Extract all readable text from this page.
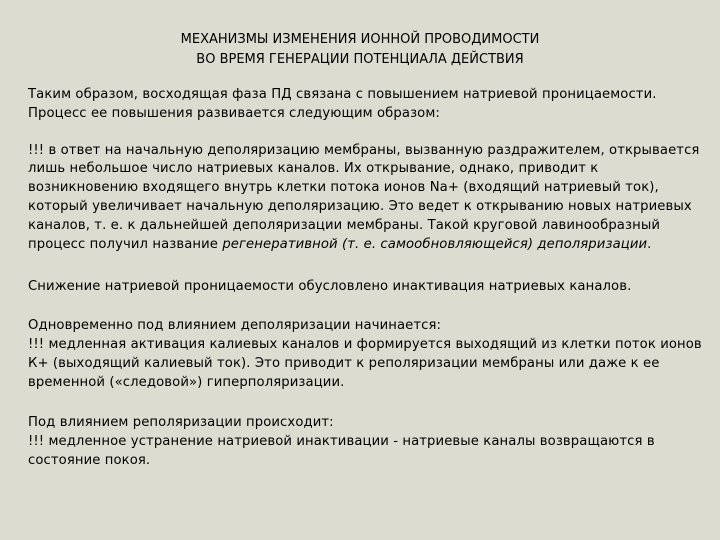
МЕХАНИЗМЫ ИЗМЕНЕНИЯ ИОННОЙ ПРОВОДИМОСТИ
ВО ВРЕМЯ ГЕНЕРАЦИИ ПОТЕНЦИАЛА ДЕЙСТВИЯ

Таким образом, восходящая фаза ПД связана с повышением натриевой проницаемости. Процесс ее повышения развивается следующим образом:

!!! в ответ на начальную деполяризацию мембраны, вызванную раздражителем, открывается лишь небольшое число натриевых каналов. Их открывание, однако, приводит к возникновению входящего внутрь клетки потока ионов Na+ (входящий натриевый ток), который увеличивает начальную деполяризацию. Это ведет к открыванию новых натриевых каналов, т. е. к дальнейшей деполяризации мембраны. Такой круговой лавинообразный процесс получил название регенеративной (т. е. самообновляющейся) деполяризации.

Снижение натриевой проницаемости обусловлено инактивация натриевых каналов.

Одновременно под влиянием деполяризации начинается:

!!! медленная активация калиевых каналов и формируется выходящий из клетки поток ионов К+ (выходящий калиевый ток). Это приводит к реполяризации мембраны или даже к ее временной («следовой») гиперполяризации.

Под влиянием реполяризации происходит:

!!! медленное устранение натриевой инактивации - натриевые каналы возвращаются в состояние покоя.
